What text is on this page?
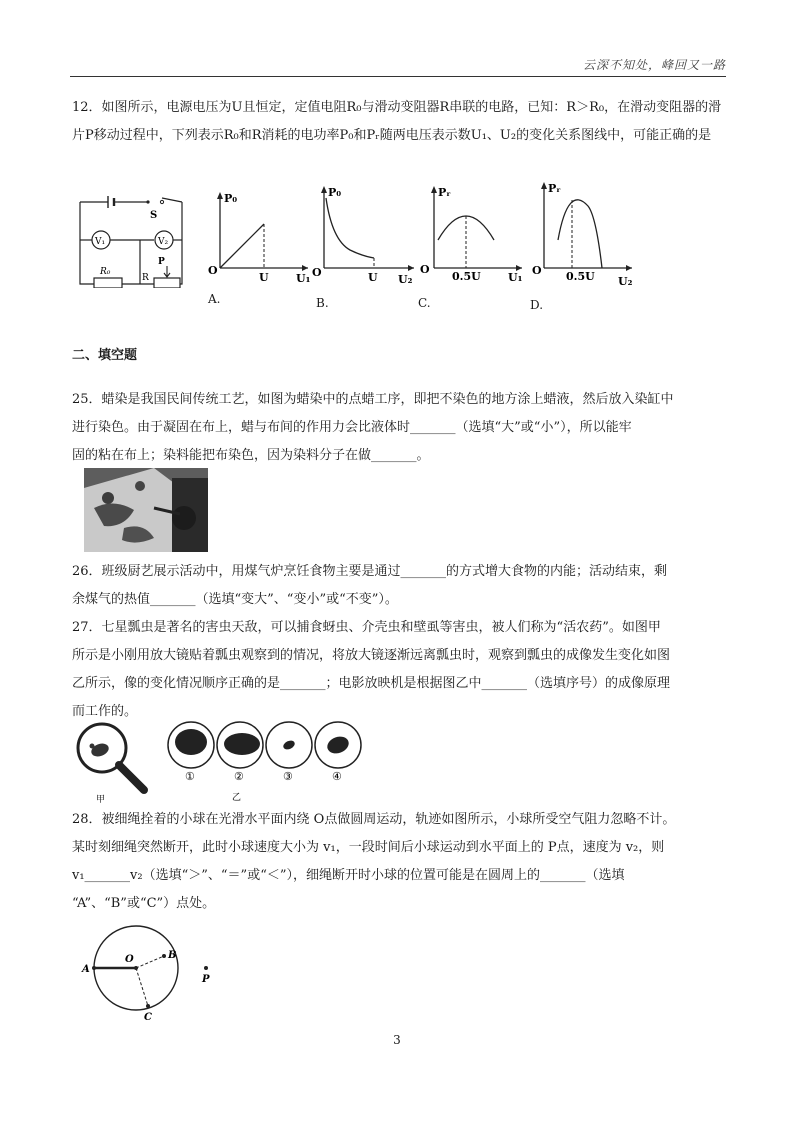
云深不知处，峰回又一路

12．如图所示，电源电压为U且恒定，定值电阻R₀与滑动变阻器R串联的电路，已知：R＞R₀，在滑动变阻器的滑片P移动过程中，下列表示R₀和R消耗的电功率P₀和Pᵣ随两电压表示数U₁、U₂的变化关系图线中，可能正确的是

S
V₁	V₂
R₀
R
P
P₀
O
U U₁
A.
P₀
O	U U₂
B.
Pᵣ
O
0.5U U₁
C.
Pᵣ
O 0.5U U₂
D.
二、填空题

25．蜡染是我国民间传统工艺，如图为蜡染中的点蜡工序，即把不染色的地方涂上蜡液，然后放入染缸中

进行染色。由于凝固在布上，蜡与布间的作用力会比液体时_______（选填“大”或“小”），所以能牢

固的粘在布上；染料能把布染色，因为染料分子在做_______。

26．班级厨艺展示活动中，用煤气炉烹饪食物主要是通过_______的方式增大食物的内能；活动结束，剩

余煤气的热值_______（选填“变大”、“变小”或“不变”）。

27．七星瓢虫是著名的害虫天敌，可以捕食蚜虫、介壳虫和壁虱等害虫，被人们称为“活农药”。如图甲

所示是小刚用放大镜贴着瓢虫观察到的情况，将放大镜逐渐远离瓢虫时，观察到瓢虫的成像发生变化如图

乙所示，像的变化情况顺序正确的是_______；电影放映机是根据图乙中_______（选填序号）的成像原理

而工作的。

甲
①	②	③	④
乙

28．被细绳拴着的小球在光滑水平面内绕 O点做圆周运动，轨迹如图所示，小球所受空气阻力忽略不计。

某时刻细绳突然断开，此时小球速度大小为 v₁，一段时间后小球运动到水平面上的 P点，速度为 v₂，则

v₁_______v₂（选填“＞”、“＝”或“＜”），细绳断开时小球的位置可能是在圆周上的_______（选填

“A”、“B”或“C”）点处。

A
O	B
C
P
3
